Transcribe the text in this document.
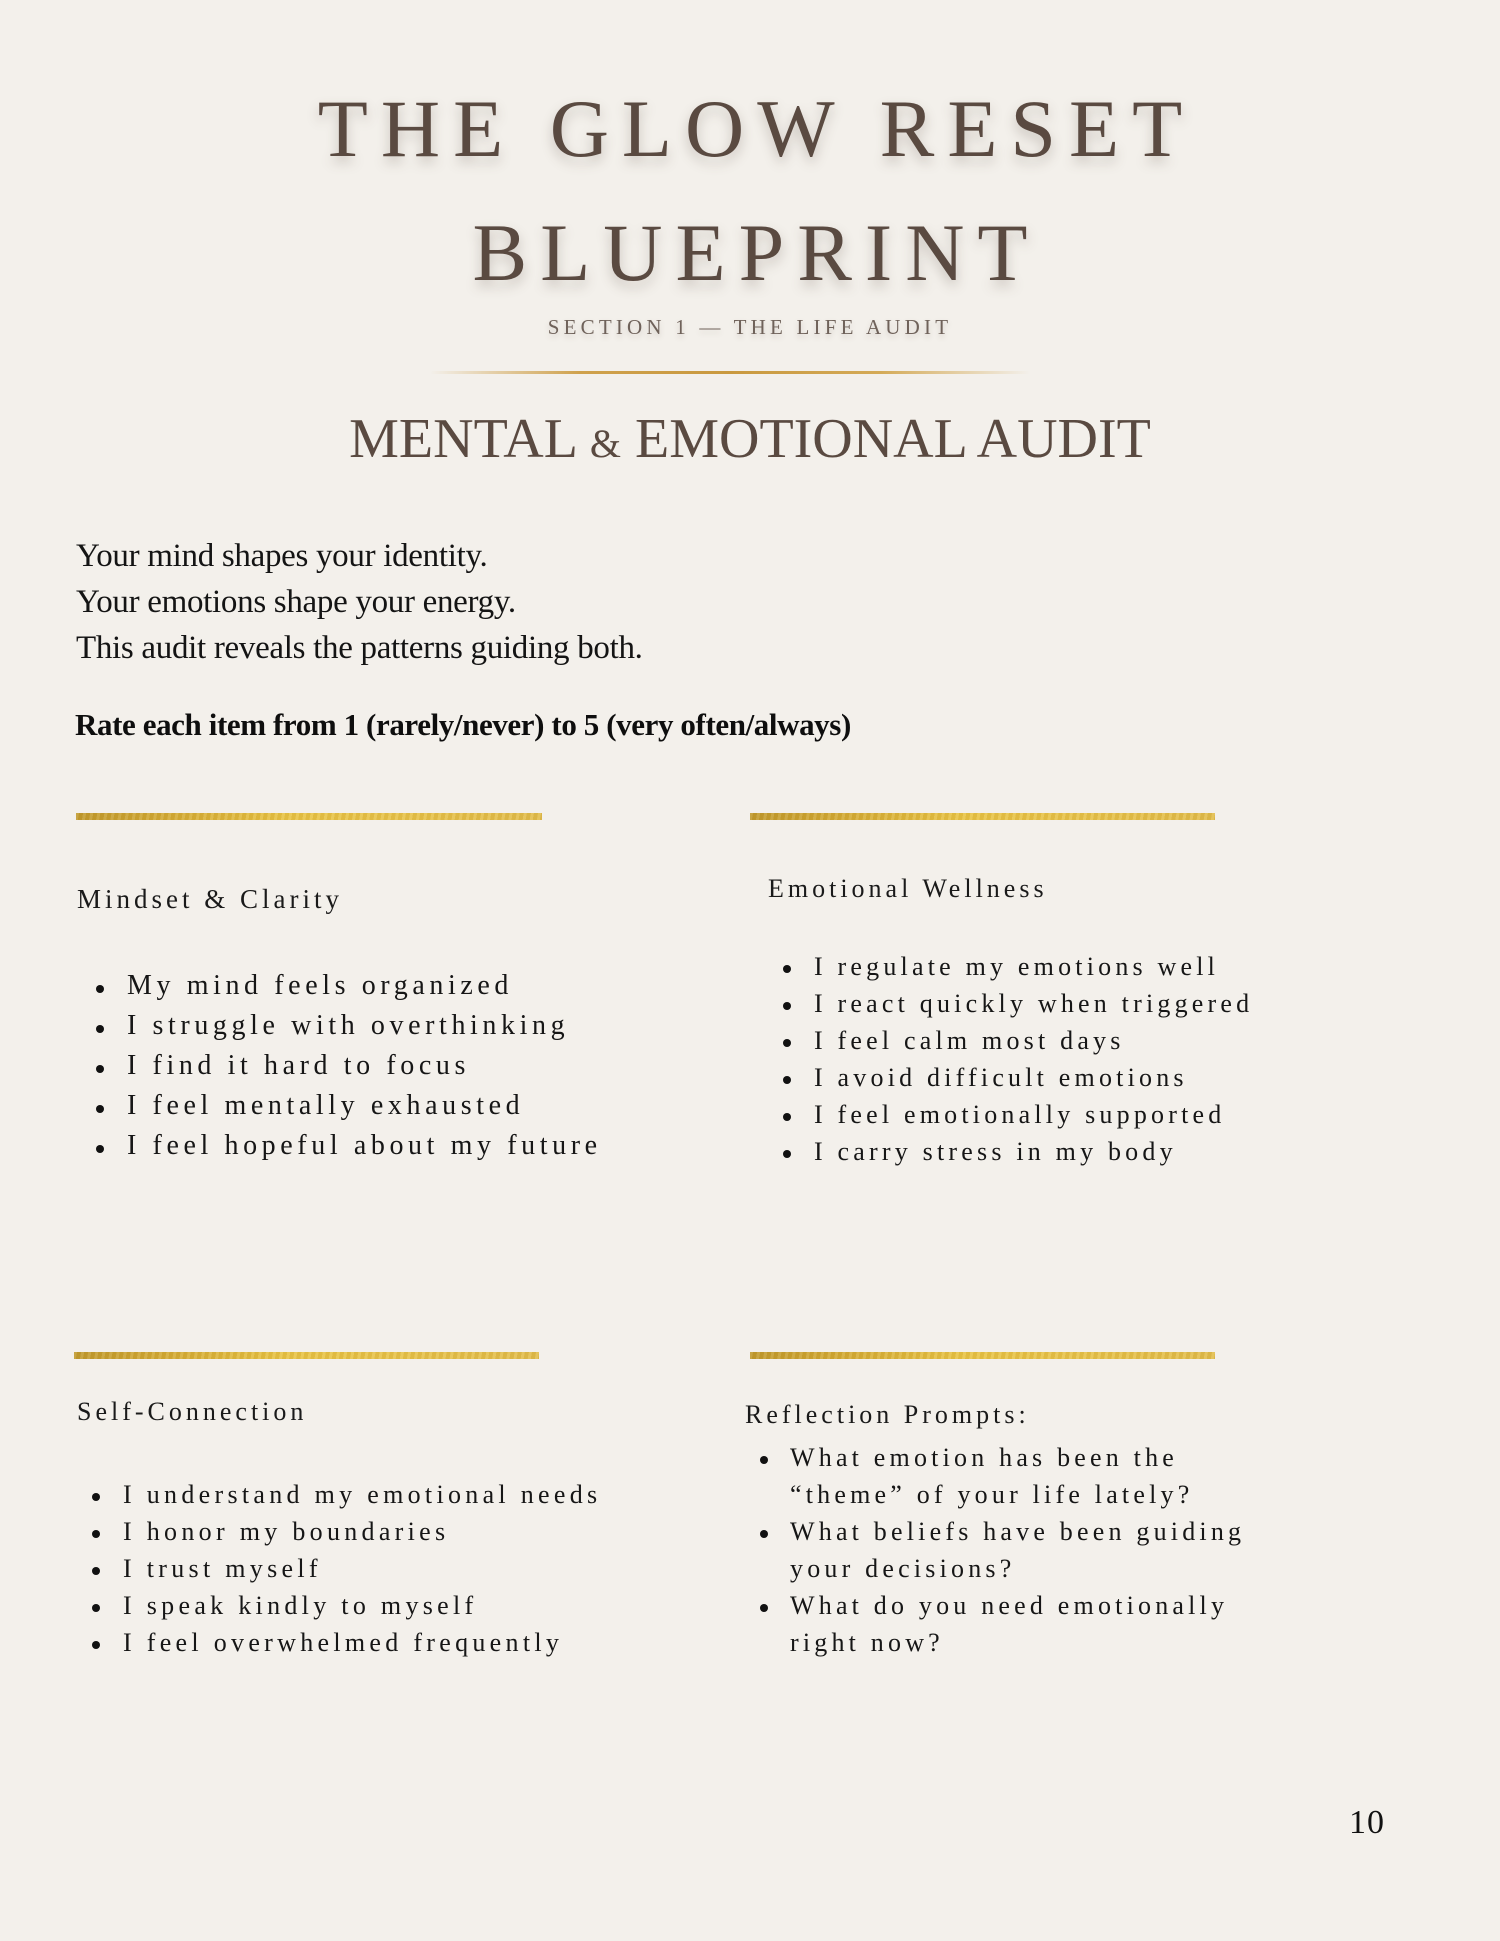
THE GLOW RESET
BLUEPRINT
SECTION 1 — THE LIFE AUDIT
MENTAL & EMOTIONAL AUDIT
Your mind shapes your identity.
Your emotions shape your energy.
This audit reveals the patterns guiding both.
Rate each item from 1 (rarely/never) to 5 (very often/always)
Mindset & Clarity
My mind feels organized
I struggle with overthinking
I find it hard to focus
I feel mentally exhausted
I feel hopeful about my future
Emotional Wellness
I regulate my emotions well
I react quickly when triggered
I feel calm most days
I avoid difficult emotions
I feel emotionally supported
I carry stress in my body
Self-Connection
I understand my emotional needs
I honor my boundaries
I trust myself
I speak kindly to myself
I feel overwhelmed frequently
Reflection Prompts:
What emotion has been the
“theme” of your life lately?
What beliefs have been guiding
your decisions?
What do you need emotionally
right now?
10
